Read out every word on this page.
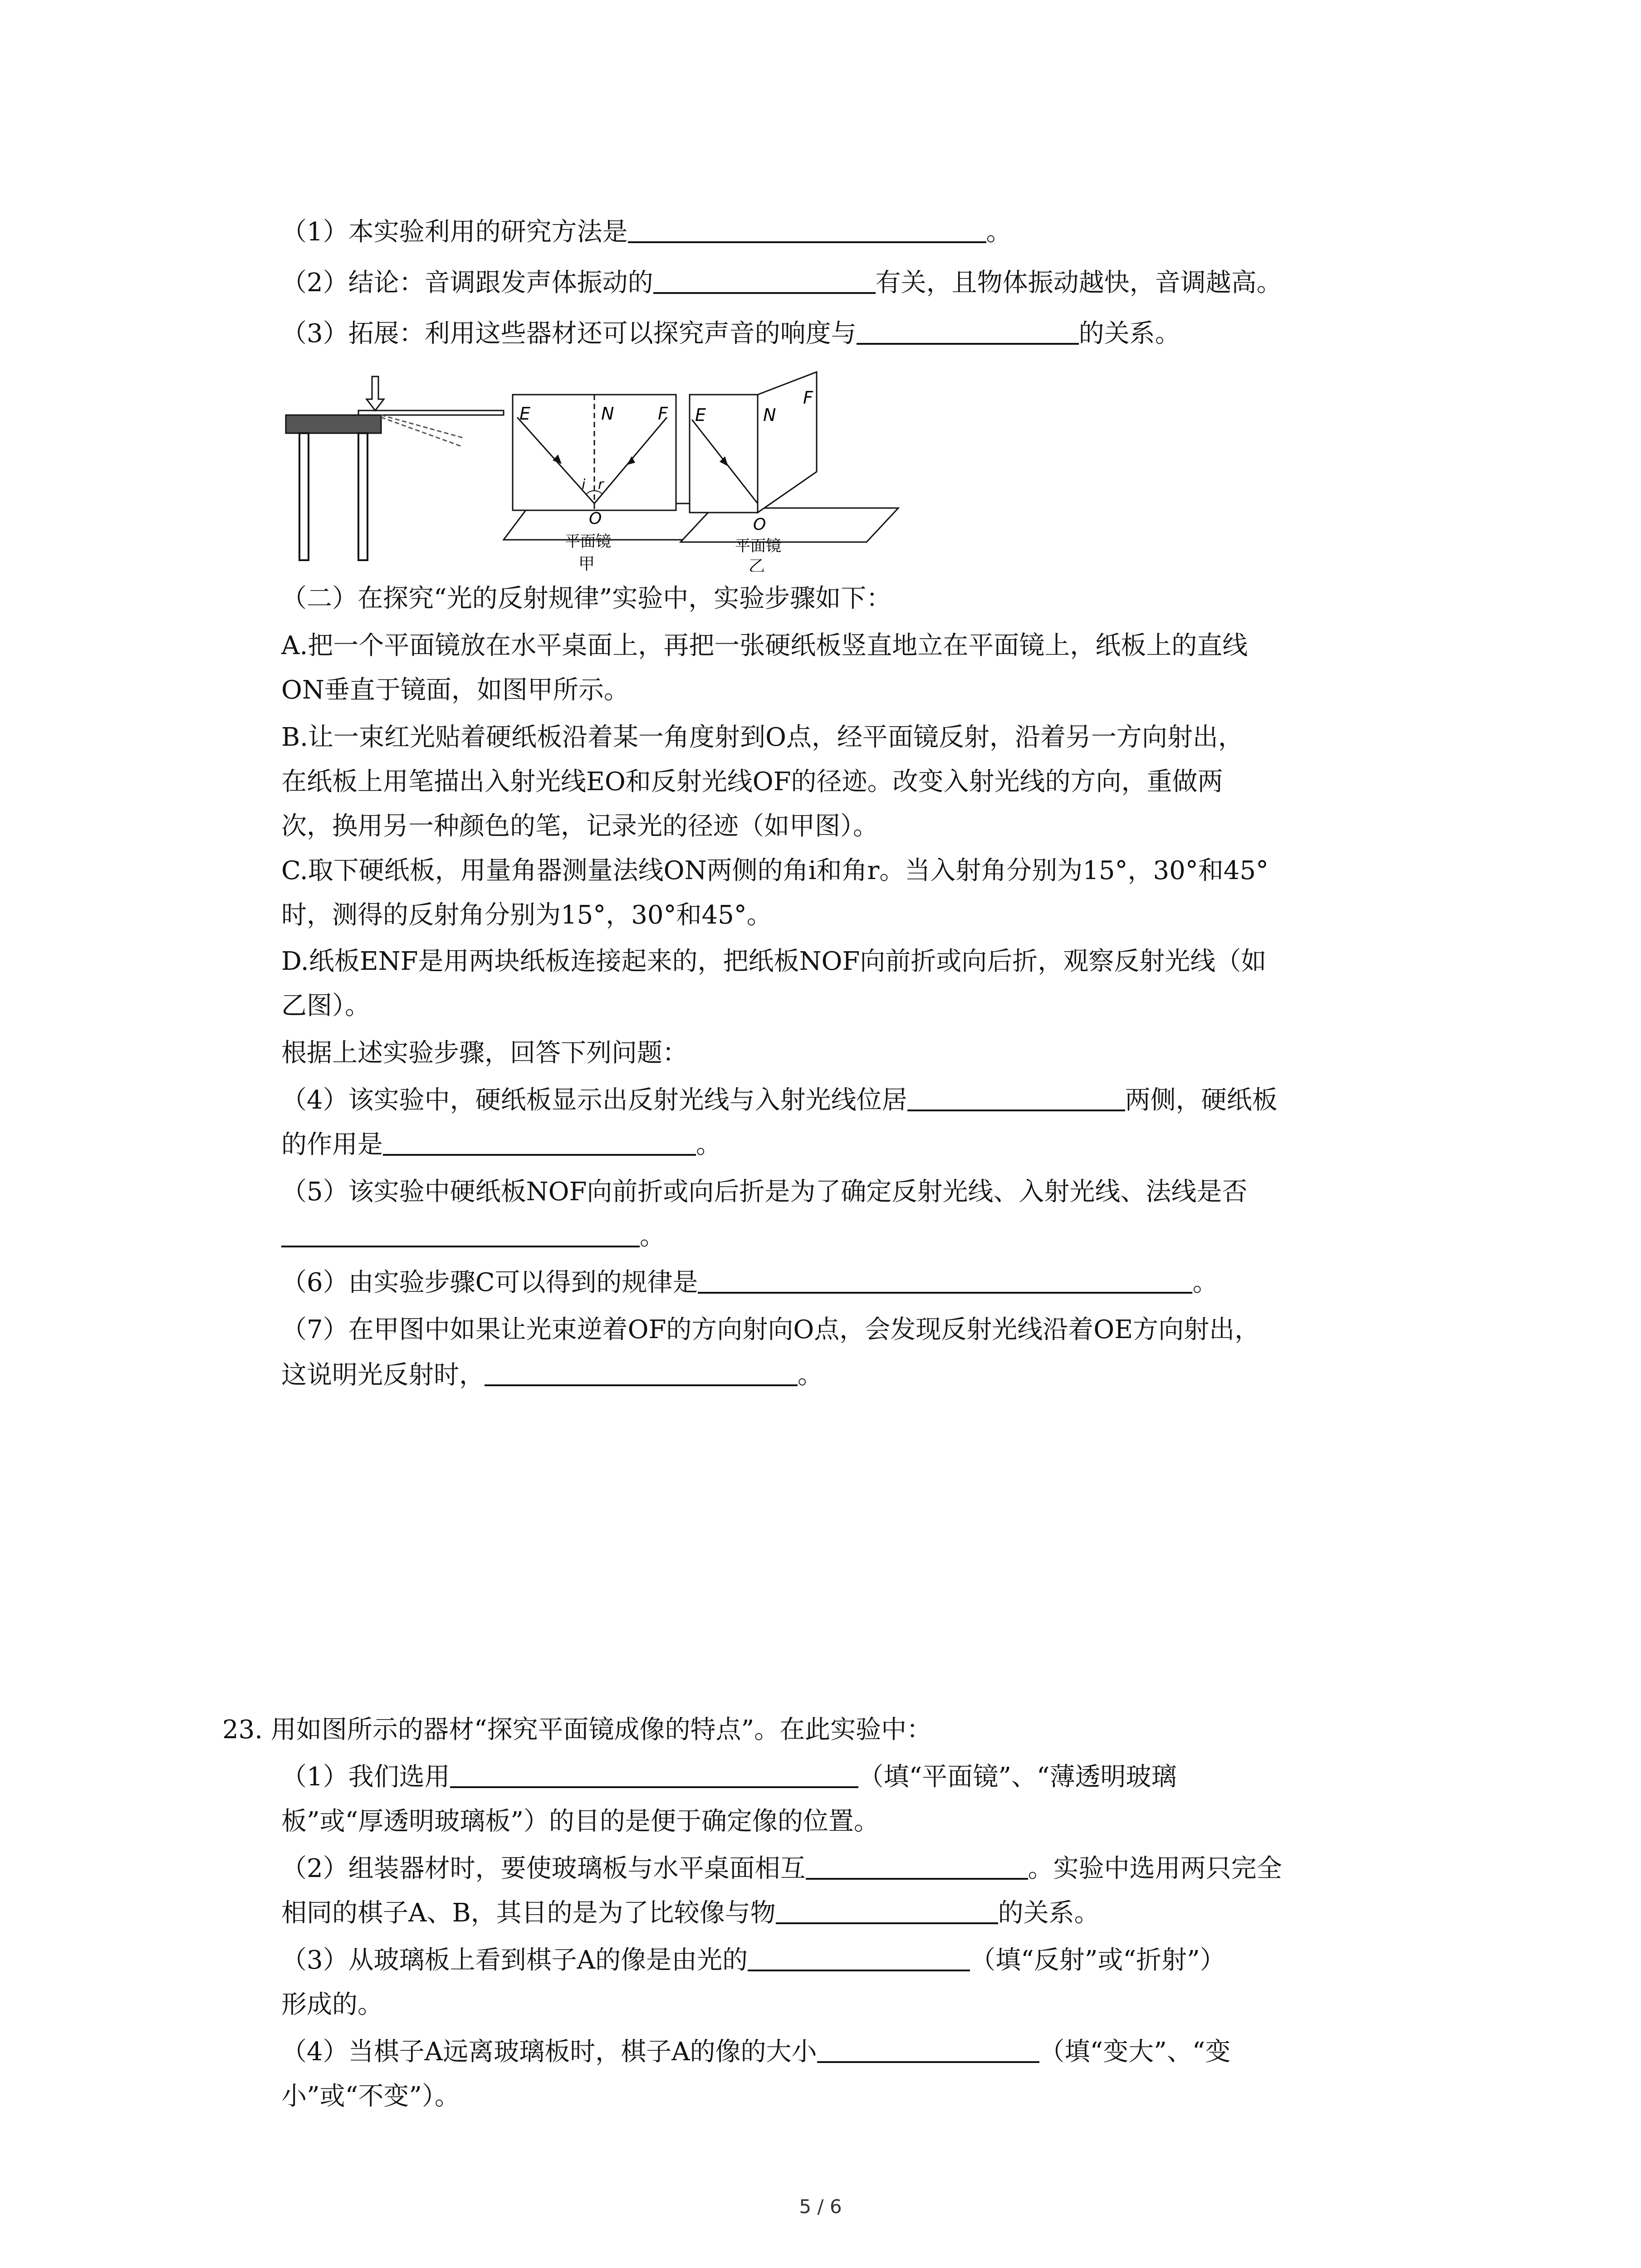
（1）本实验利用的研究方法是	。
（2）结论：音调跟发声体振动的	有关，且物体振动越快，音调越高。
（3）拓展：利用这些器材还可以探究声音的响度与	的关系。
E	N	F
i r
O
平面镜
甲
E	N
F
O
平面镜
乙
（二）在探究“光的反射规律”实验中，实验步骤如下：
A.把一个平面镜放在水平桌面上，再把一张硬纸板竖直地立在平面镜上，纸板上的直线
ON垂直于镜面，如图甲所示。
B.让一束红光贴着硬纸板沿着某一角度射到O点，经平面镜反射，沿着另一方向射出，
在纸板上用笔描出入射光线EO和反射光线OF的径迹。改变入射光线的方向，重做两
次，换用另一种颜色的笔，记录光的径迹（如甲图）。
C.取下硬纸板，用量角器测量法线ON两侧的角i和角r。当入射角分别为15°，30°和45°
时，测得的反射角分别为15°，30°和45°。
D.纸板ENF是用两块纸板连接起来的，把纸板NOF向前折或向后折，观察反射光线（如
乙图）。
根据上述实验步骤，回答下列问题：
（4）该实验中，硬纸板显示出反射光线与入射光线位居	两侧，硬纸板
的作用是	。
（5）该实验中硬纸板NOF向前折或向后折是为了确定反射光线、入射光线、法线是否
。
（6）由实验步骤C可以得到的规律是	。
（7）在甲图中如果让光束逆着OF的方向射向O点，会发现反射光线沿着OE方向射出，
这说明光反射时，	。
23. 用如图所示的器材“探究平面镜成像的特点”。在此实验中：
（1）我们选用	（填“平面镜”、“薄透明玻璃
板”或“厚透明玻璃板”）的目的是便于确定像的位置。
（2）组装器材时，要使玻璃板与水平桌面相互	。实验中选用两只完全
相同的棋子A、B，其目的是为了比较像与物	的关系。
（3）从玻璃板上看到棋子A的像是由光的	（填“反射”或“折射”）
形成的。
（4）当棋子A远离玻璃板时，棋子A的像的大小	（填“变大”、“变
小”或“不变”）。
5 / 6
